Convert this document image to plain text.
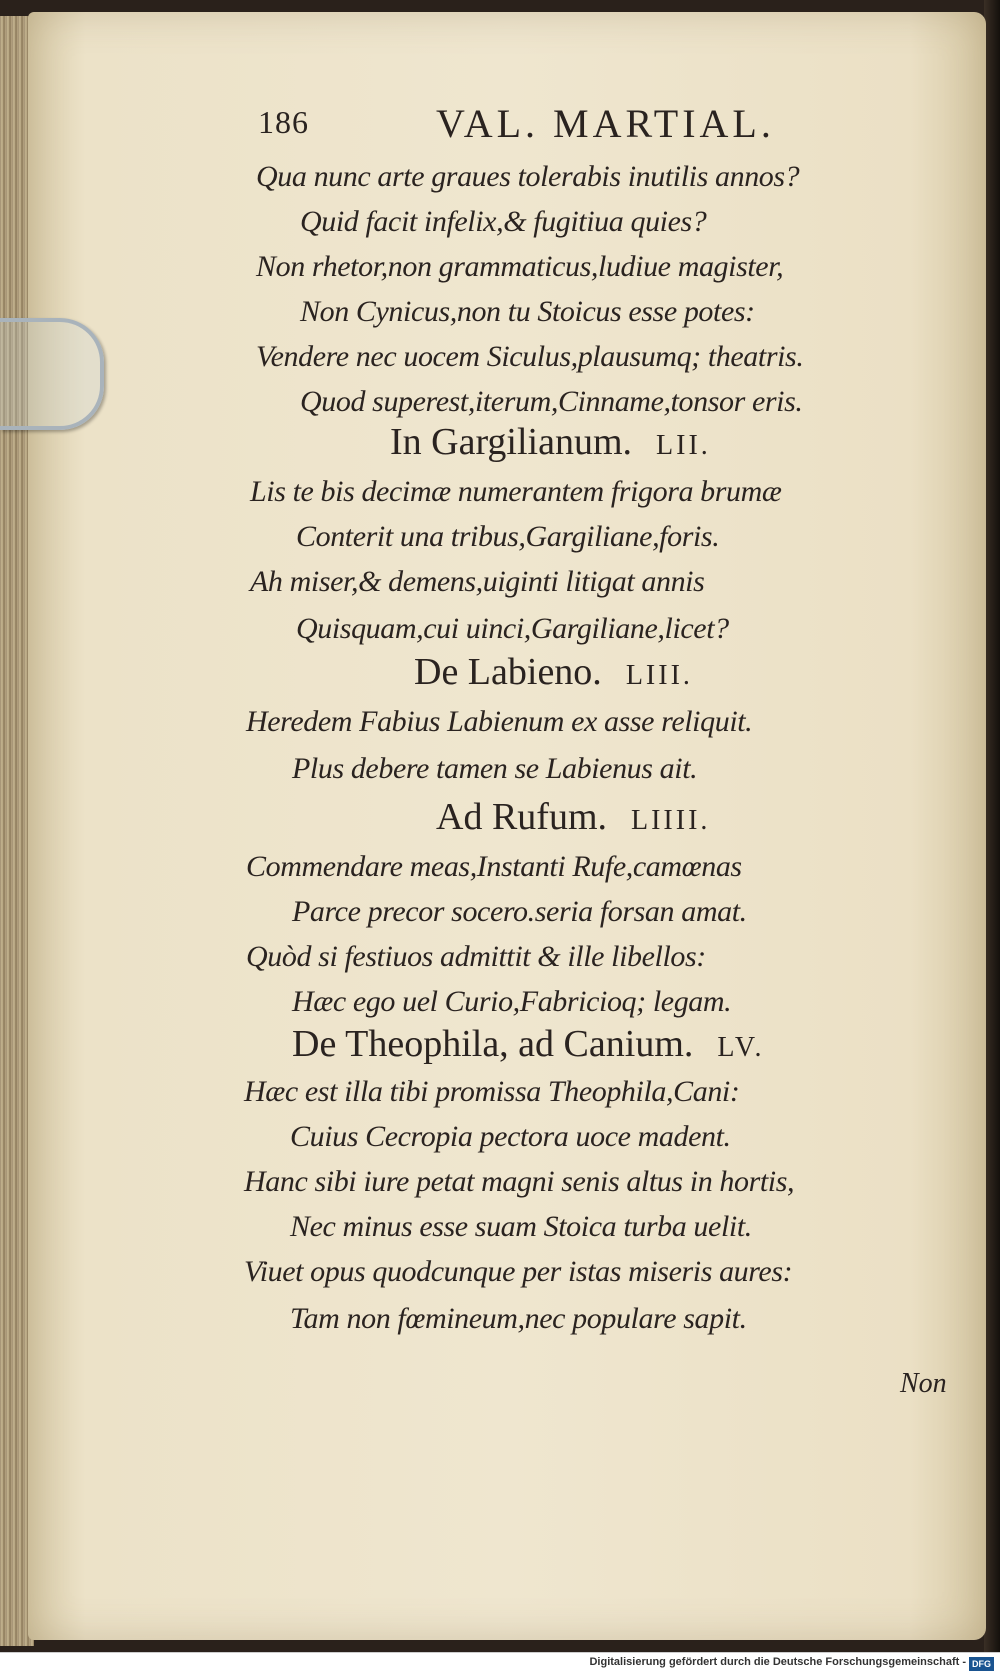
186	VAL. MARTIAL.
Qua nunc arte graues tolerabis inutilis annos?
Quid facit infelix,& fugitiua quies?
Non rhetor,non grammaticus,ludiue magister,
Non Cynicus,non tu Stoicus esse potes:
Vendere nec uocem Siculus,plausumq; theatris.
Quod superest,iterum,Cinname,tonsor eris.
In Gargilianum. LII.
Lis te bis decimæ numerantem frigora brumæ
Conterit una tribus,Gargiliane,foris.
Ah miser,& demens,uiginti litigat annis
Quisquam,cui uinci,Gargiliane,licet?
De Labieno. LIII.
Heredem Fabius Labienum ex asse reliquit.
Plus debere tamen se Labienus ait.
Ad Rufum. LIIII.
Commendare meas,Instanti Rufe,camœnas
Parce precor socero.seria forsan amat.
Quòd si festiuos admittit & ille libellos:
Hæc ego uel Curio,Fabricioq; legam.
De Theophila, ad Canium. LV.
Hæc est illa tibi promissa Theophila,Cani:
Cuius Cecropia pectora uoce madent.
Hanc sibi iure petat magni senis altus in hortis,
Nec minus esse suam Stoica turba uelit.
Viuet opus quodcunque per istas miseris aures:
Tam non fœmineum,nec populare sapit.
Non
Digitalisierung gefördert durch die Deutsche Forschungsgemeinschaft - DFG
